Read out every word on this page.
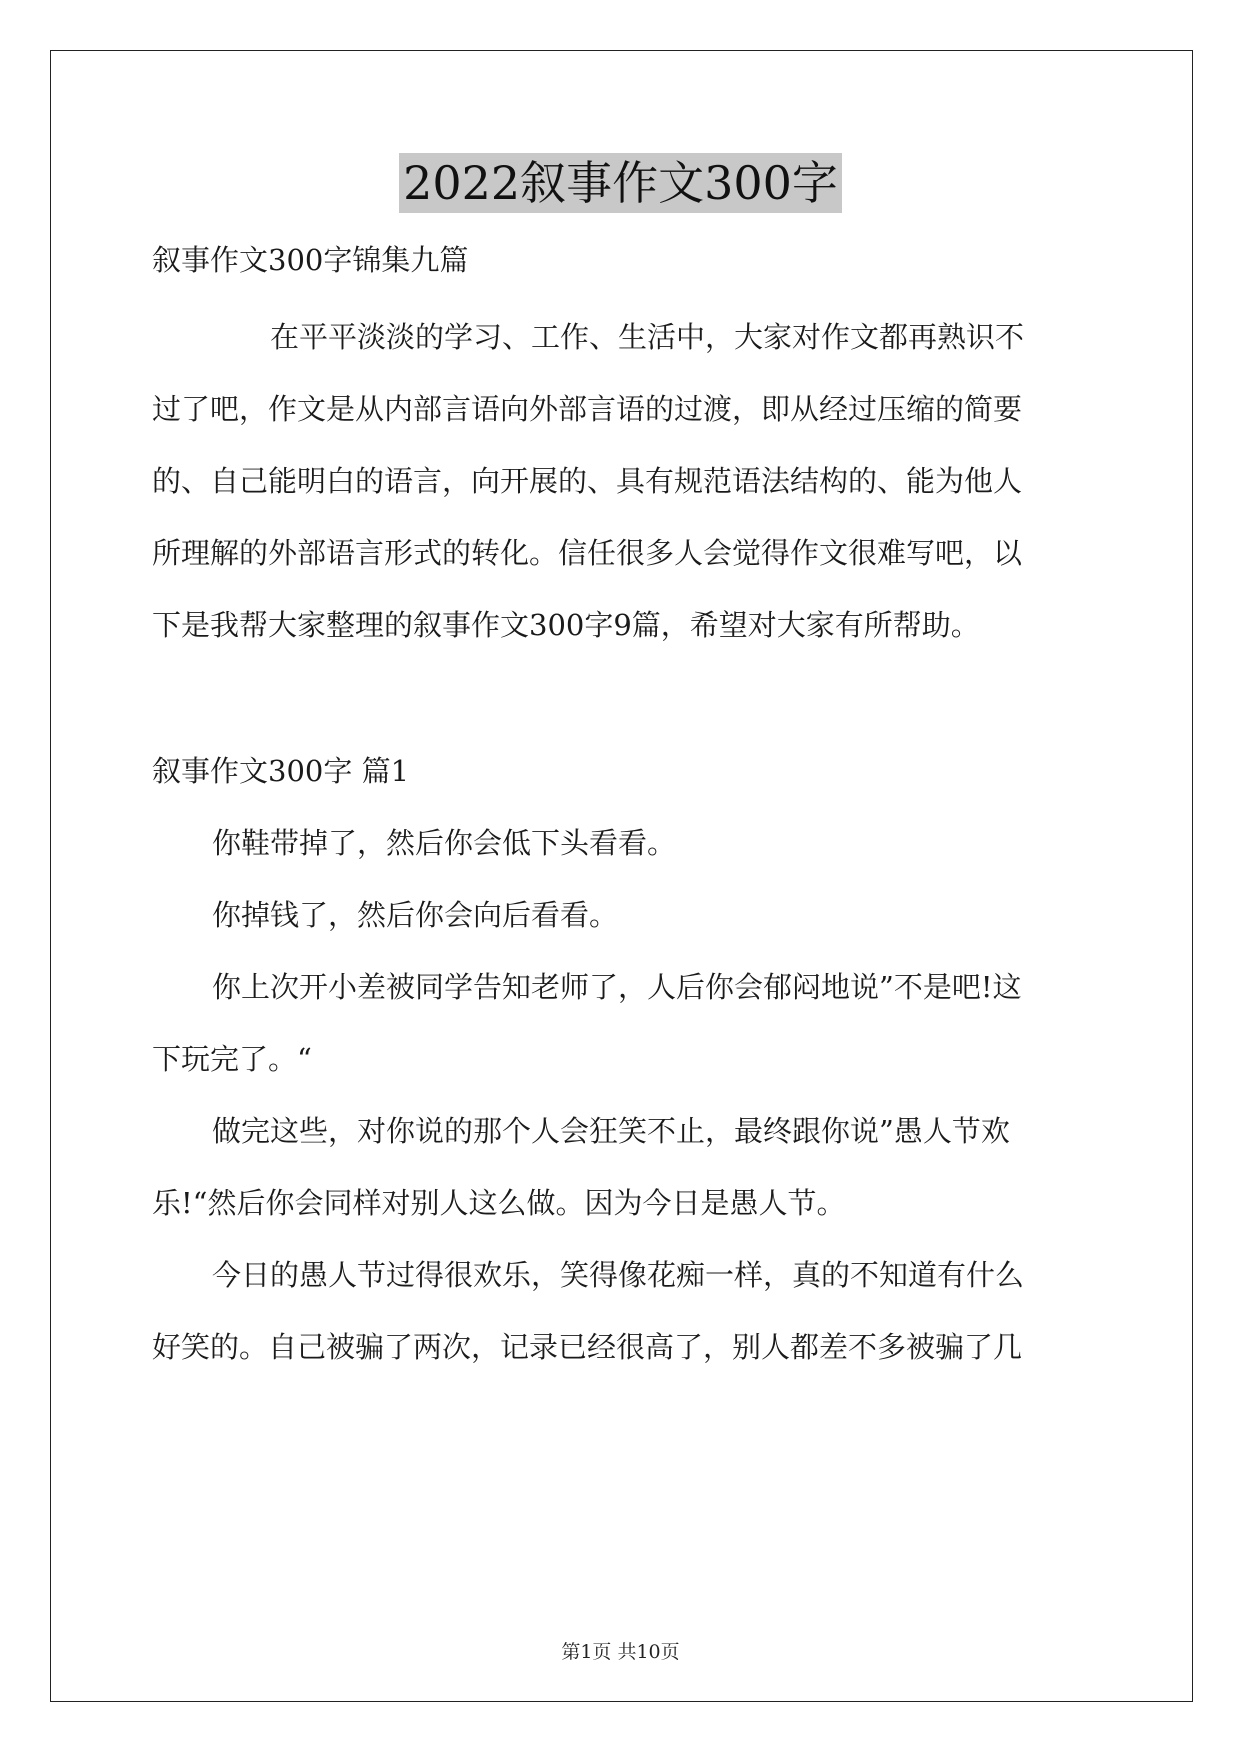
2022叙事作文300字
叙事作文300字锦集九篇
在平平淡淡的学习、工作、生活中，大家对作文都再熟识不
过了吧，作文是从内部言语向外部言语的过渡，即从经过压缩的简要
的、自己能明白的语言，向开展的、具有规范语法结构的、能为他人
所理解的外部语言形式的转化。信任很多人会觉得作文很难写吧，以
下是我帮大家整理的叙事作文300字9篇，希望对大家有所帮助。
叙事作文300字 篇1
你鞋带掉了，然后你会低下头看看。
你掉钱了，然后你会向后看看。
你上次开小差被同学告知老师了，人后你会郁闷地说”不是吧!这
下玩完了。“
做完这些，对你说的那个人会狂笑不止，最终跟你说”愚人节欢
乐!“然后你会同样对别人这么做。因为今日是愚人节。
今日的愚人节过得很欢乐，笑得像花痴一样，真的不知道有什么
好笑的。自己被骗了两次，记录已经很高了，别人都差不多被骗了几
第1页 共10页
